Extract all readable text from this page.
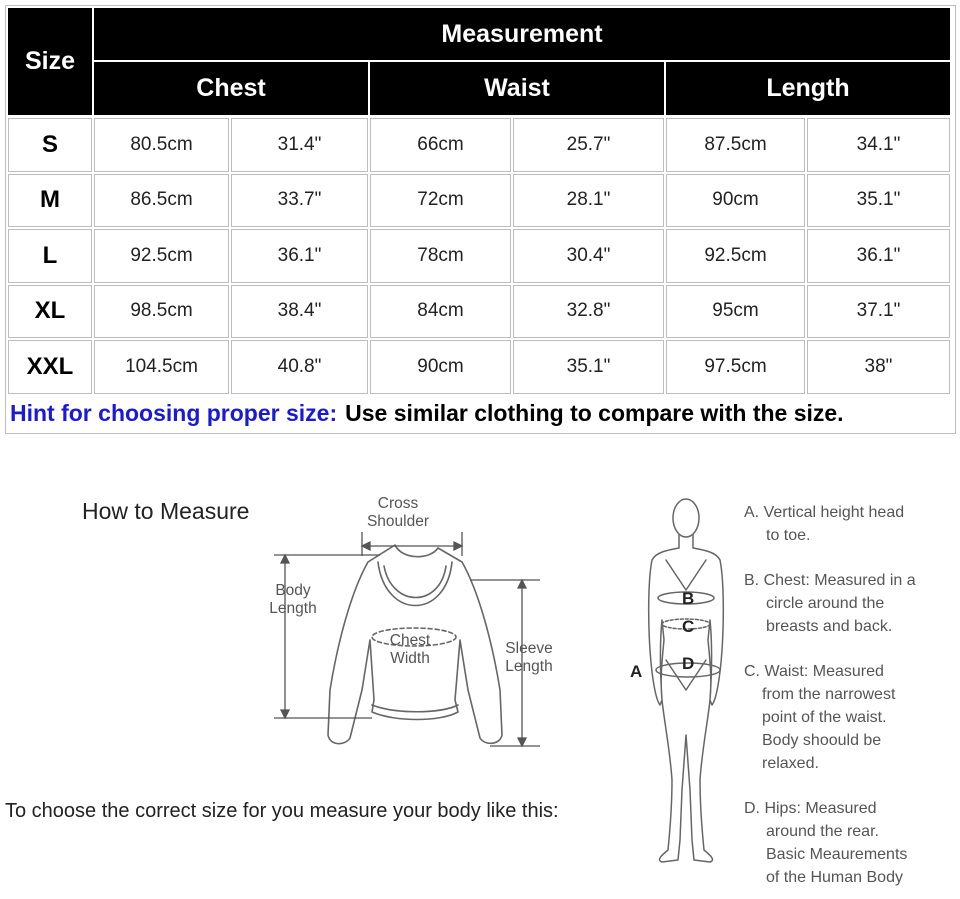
Size
Measurement
Chest	Waist	Length
S	80.5cm	31.4"	66cm	25.7"	87.5cm	34.1"
M	86.5cm	33.7"	72cm	28.1"	90cm	35.1"
L	92.5cm	36.1"	78cm	30.4"	92.5cm	36.1"
XL	98.5cm	38.4"	84cm	32.8"	95cm	37.1"
XXL	104.5cm	40.8"	90cm	35.1"	97.5cm	38"
Hint for choosing proper size: Use similar clothing to compare with the size.
How to Measure	Cross
Shoulder
Body
Length
Chest
Width
Sleeve
Length
To choose the correct size for you measure your body like this:
A
B
C
D
A. Vertical height head
to toe.
B. Chest: Measured in a
circle around the
breasts and back.
C. Waist: Measured
from the narrowest
point of the waist.
Body shoould be
relaxed.
D. Hips: Measured
around the rear.
Basic Meaurements
of the Human Body
